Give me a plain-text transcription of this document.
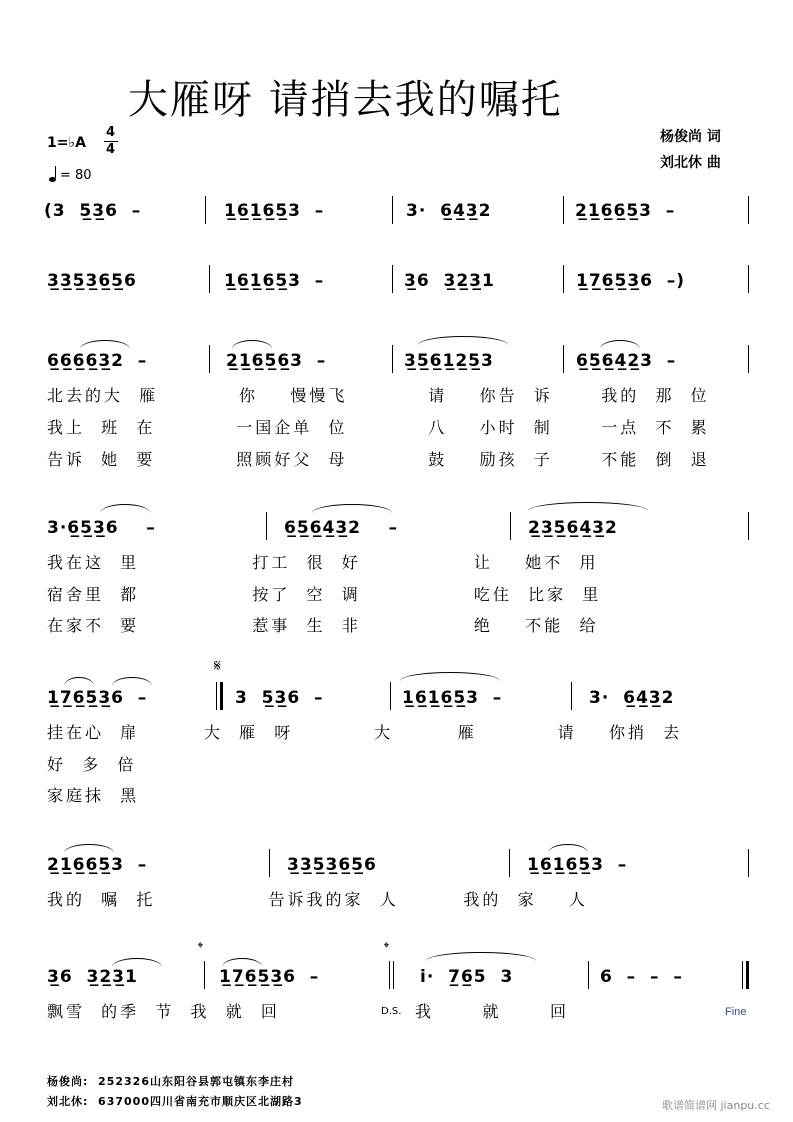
大雁呀 请捎去我的嘱托
1=♭A
4
4
= 80
杨俊尚 词
刘北休 曲
(3  5̲3̲6  –	1̲6̲1̲6̲5̲3  –	3·  6̲4̲3̲2	2̲1̲6̲6̲5̲3  –
3̲3̲5̲3̲6̲5̲6	1̲6̲1̲6̲5̲3  –	3̲6  3̲2̲3̲1	1̲7̲6̲5̲3̲6  –)
6̲6̲6̲6̲3̲2  –	2̲1̲6̲5̲6̲3  –	3̲5̲6̲1̲2̲5̲3	6̲5̲6̲4̲2̲3  –
北去的大  雁          你    慢慢飞          请    你告  诉      我的  那  位
我上  班  在          一国企单  位          八    小时  制      一点  不  累
告诉  她  要          照顾好父  母          鼓    励孩  子      不能  倒  退
3·6̲5̲3̲6    –	6̲5̲6̲4̲3̲2    –	2̲3̲5̲6̲4̲3̲2
我在这  里              打工  很  好              让    她不  用
宿舍里  都              按了  空  调              吃住  比家  里
在家不  要              惹事  生  非              绝    不能  给
𝄋
1̲7̲6̲5̲3̲6  –	3  5̲3̲6  –	1̲6̲1̲6̲5̲3  –	3·  6̲4̲3̲2
挂在心  扉        大  雁  呀          大        雁          请    你捎  去
好  多  倍
家庭抹  黑
2̲1̲6̲6̲5̲3  –	3̲3̲5̲3̲6̲5̲6	1̲6̲1̲6̲5̲3  –
我的  嘱  托              告诉我的家  人        我的  家    人
𝄌	𝄌
3̲6  3̲2̲3̲1	1̲7̲6̲5̲3̲6  –	i·  7̲6̲5  3	6  –  –  –
飘雪  的季  节  我  就  回	D.S. 我      就      回	Fine
杨俊尚:  252326山东阳谷县郭屯镇东李庄村
刘北休:  637000四川省南充市顺庆区北湖路3	歌谱简谱网 jianpu.cc
